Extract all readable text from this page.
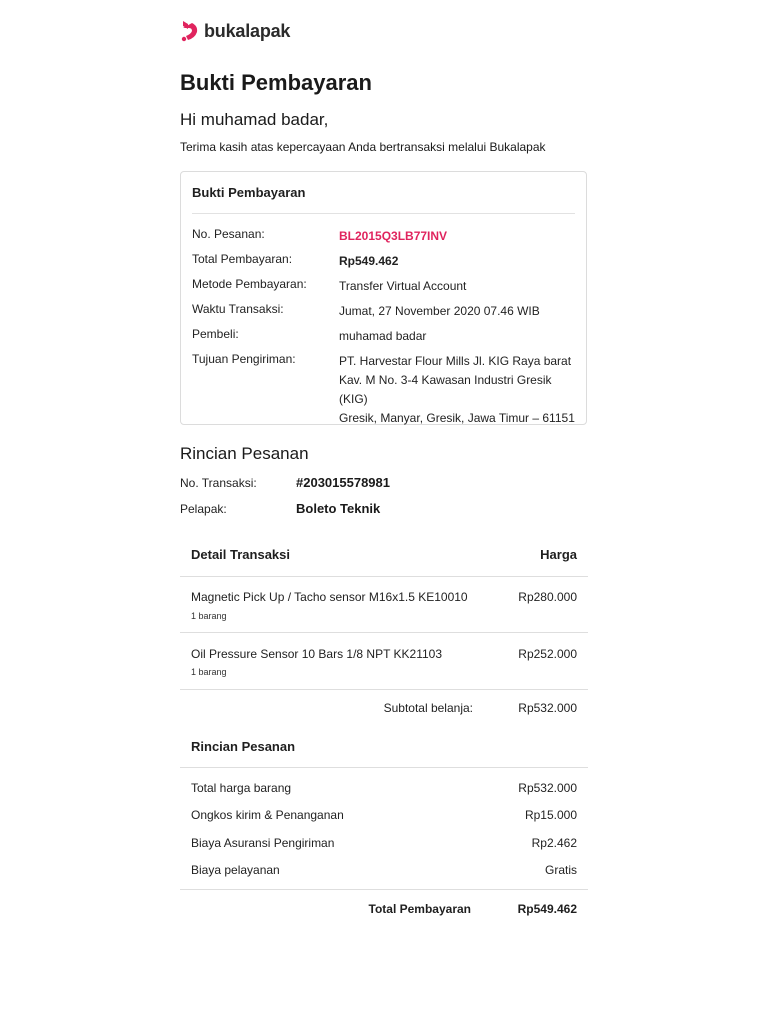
bukalapak
Bukti Pembayaran
Hi muhamad badar,
Terima kasih atas kepercayaan Anda bertransaksi melalui Bukalapak
Bukti Pembayaran
No. Pesanan:	BL2015Q3LB77INV
Total Pembayaran:	Rp549.462
Metode Pembayaran:	Transfer Virtual Account
Waktu Transaksi:	Jumat, 27 November 2020 07.46 WIB
Pembeli:	muhamad badar
Tujuan Pengiriman:	PT. Harvestar Flour Mills Jl. KIG Raya barat
Kav. M No. 3-4 Kawasan Industri Gresik (KIG)
Gresik, Manyar, Gresik, Jawa Timur – 61151
Rincian Pesanan
No. Transaksi:	#203015578981
Pelapak:	Boleto Teknik
Detail Transaksi	Harga
Magnetic Pick Up / Tacho sensor M16x1.5 KE10010
1 barang
Rp280.000
Oil Pressure Sensor 10 Bars 1/8 NPT KK21103
1 barang
Rp252.000
Subtotal belanja:	Rp532.000
Rincian Pesanan
Total harga barang	Rp532.000
Ongkos kirim & Penanganan	Rp15.000
Biaya Asuransi Pengiriman	Rp2.462
Biaya pelayanan	Gratis
Total Pembayaran	Rp549.462
